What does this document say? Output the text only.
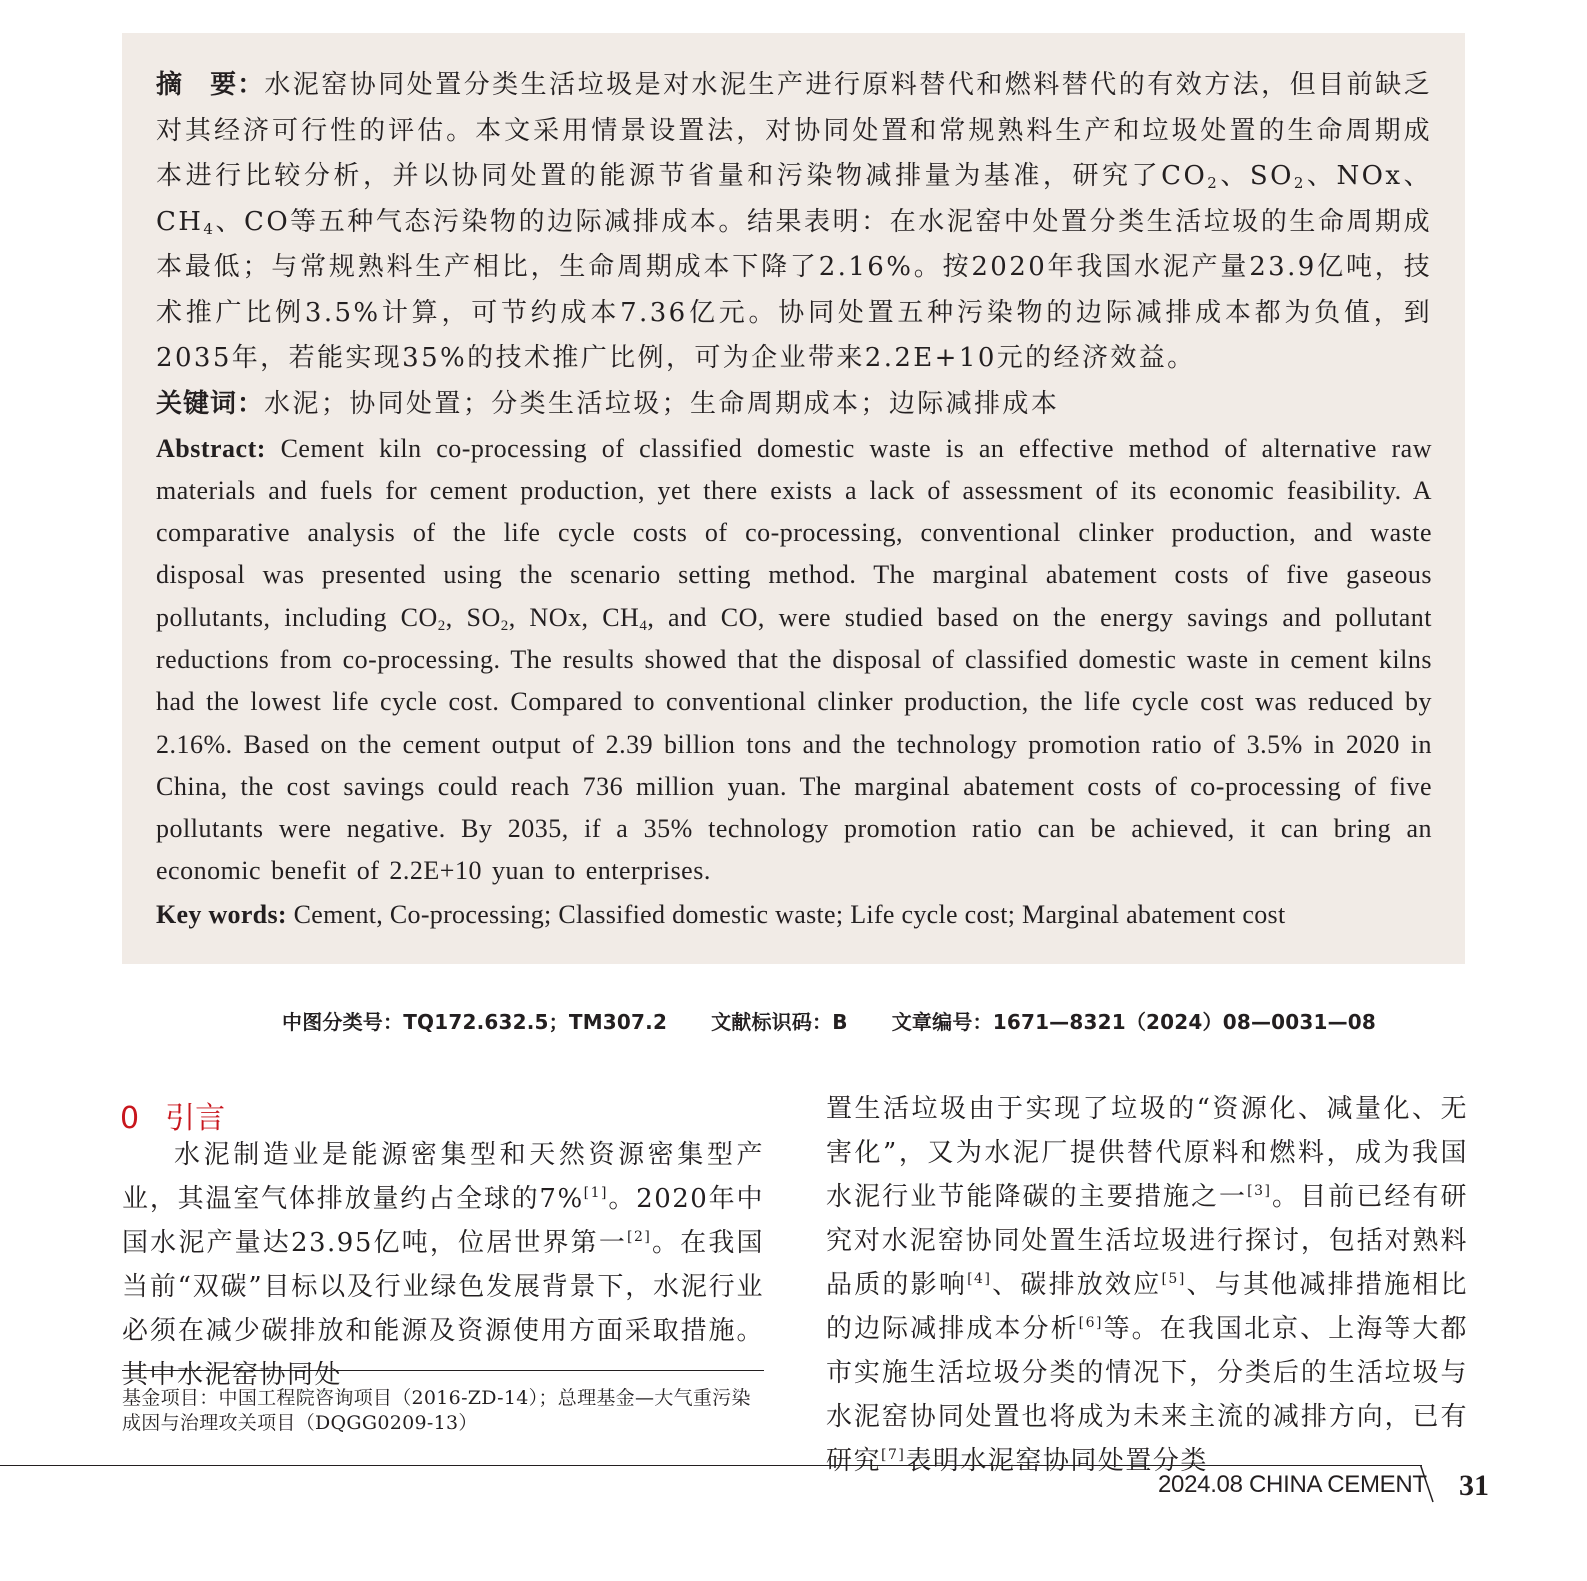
摘　要：水泥窑协同处置分类生活垃圾是对水泥生产进行原料替代和燃料替代的有效方法，但目前缺乏对其经济可行性的评估。本文采用情景设置法，对协同处置和常规熟料生产和垃圾处置的生命周期成本进行比较分析，并以协同处置的能源节省量和污染物减排量为基准，研究了$CO_2$、$SO_2$、NOx、$CH_4$、CO等五种气态污染物的边际减排成本。结果表明：在水泥窑中处置分类生活垃圾的生命周期成本最低；与常规熟料生产相比，生命周期成本下降了2.16%。按2020年我国水泥产量23.9亿吨，技术推广比例3.5%计算，可节约成本7.36亿元。协同处置五种污染物的边际减排成本都为负值，到2035年，若能实现35%的技术推广比例，可为企业带来2.2E+10元的经济效益。

关键词：水泥；协同处置；分类生活垃圾；生命周期成本；边际减排成本

Abstract: Cement kiln co-processing of classified domestic waste is an effective method of alternative raw materials and fuels for cement production, yet there exists a lack of assessment of its economic feasibility. A comparative analysis of the life cycle costs of co-processing, conventional clinker production, and waste disposal was presented using the scenario setting method. The marginal abatement costs of five gaseous pollutants, including $CO_2$, $SO_2$, NOx, $CH_4$, and CO, were studied based on the energy savings and pollutant reductions from co-processing. The results showed that the disposal of classified domestic waste in cement kilns had the lowest life cycle cost. Compared to conventional clinker production, the life cycle cost was reduced by 2.16%. Based on the cement output of 2.39 billion tons and the technology promotion ratio of 3.5% in 2020 in China, the cost savings could reach 736 million yuan. The marginal abatement costs of co-processing of five pollutants were negative. By 2035, if a 35% technology promotion ratio can be achieved, it can bring an economic benefit of 2.2E+10 yuan to enterprises.

Key words: Cement, Co-processing; Classified domestic waste; Life cycle cost; Marginal abatement cost

中图分类号：TQ172.632.5；TM307.2 文献标识码：B 文章编号：1671—8321（2024）08—0031—08
0 引言

水泥制造业是能源密集型和天然资源密集型产业，其温室气体排放量约占全球的7%[1]。2020年中国水泥产量达23.95亿吨，位居世界第一[2]。在我国当前“双碳”目标以及行业绿色发展背景下，水泥行业必须在减少碳排放和能源及资源使用方面采取措施。其中水泥窑协同处

置生活垃圾由于实现了垃圾的“资源化、减量化、无害化”，又为水泥厂提供替代原料和燃料，成为我国水泥行业节能降碳的主要措施之一[3]。目前已经有研究对水泥窑协同处置生活垃圾进行探讨，包括对熟料品质的影响[4]、碳排放效应[5]、与其他减排措施相比的边际减排成本分析[6]等。在我国北京、上海等大都市实施生活垃圾分类的情况下，分类后的生活垃圾与水泥窑协同处置也将成为未来主流的减排方向，已有研究[7]表明水泥窑协同处置分类

基金项目：中国工程院咨询项目（2016-ZD-14）；总理基金—大气重污染成因与治理攻关项目（DQGG0209-13）

2024.08 CHINA CEMENT 31
